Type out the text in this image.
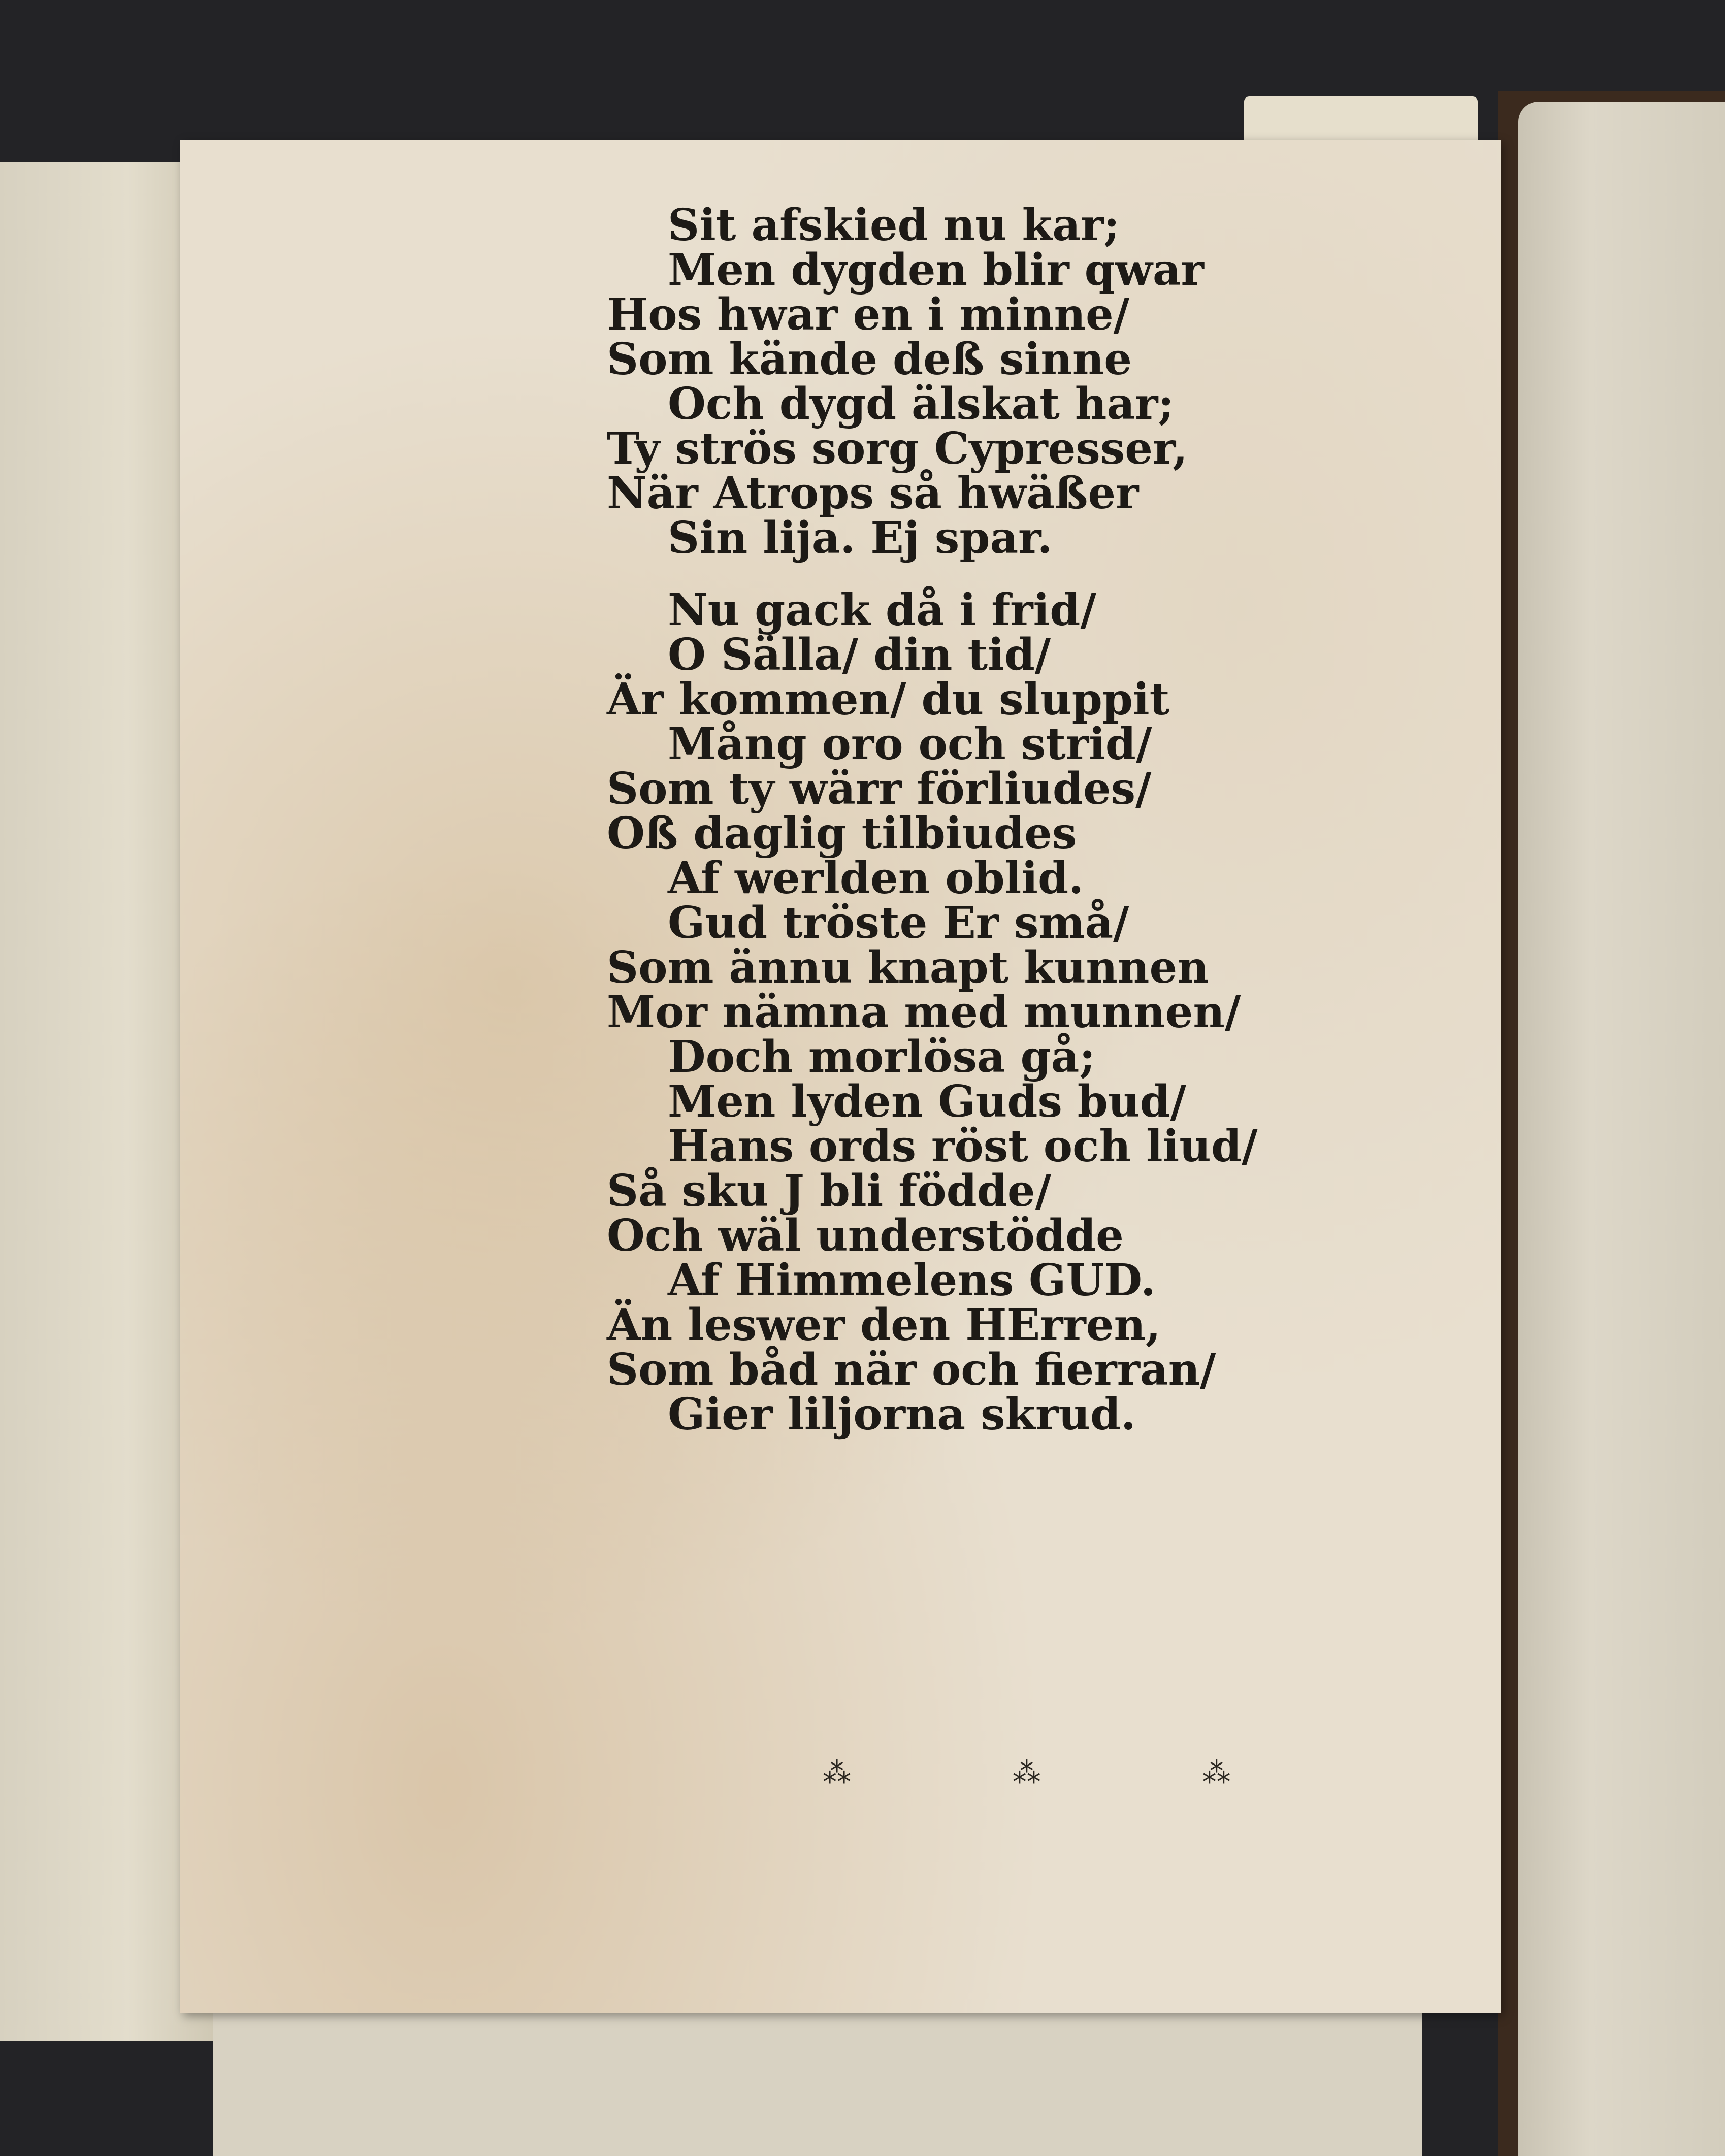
Sit afskied nu kar;
Men dygden blir qwar
Hos hwar en i minne/
Som kände deß sinne
Och dygd älskat har;
Ty strös sorg Cypresser,
När Atrops så hwäßer
Sin lija. Ej spar.
Nu gack då i frid/
O Sälla/ din tid/
Är kommen/ du sluppit
Mång oro och strid/
Som ty wärr förliudes/
Oß daglig tilbiudes
Af werlden oblid.
Gud tröste Er små/
Som ännu knapt kunnen
Mor nämna med munnen/
Doch morlösa gå;
Men lyden Guds bud/
Hans ords röst och liud/
Så sku J bli födde/
Och wäl understödde
Af Himmelens GUD.
Än leswer den HErren,
Som båd när och fierran/
Gier liljorna skrud.
⁂ ⁂ ⁂
